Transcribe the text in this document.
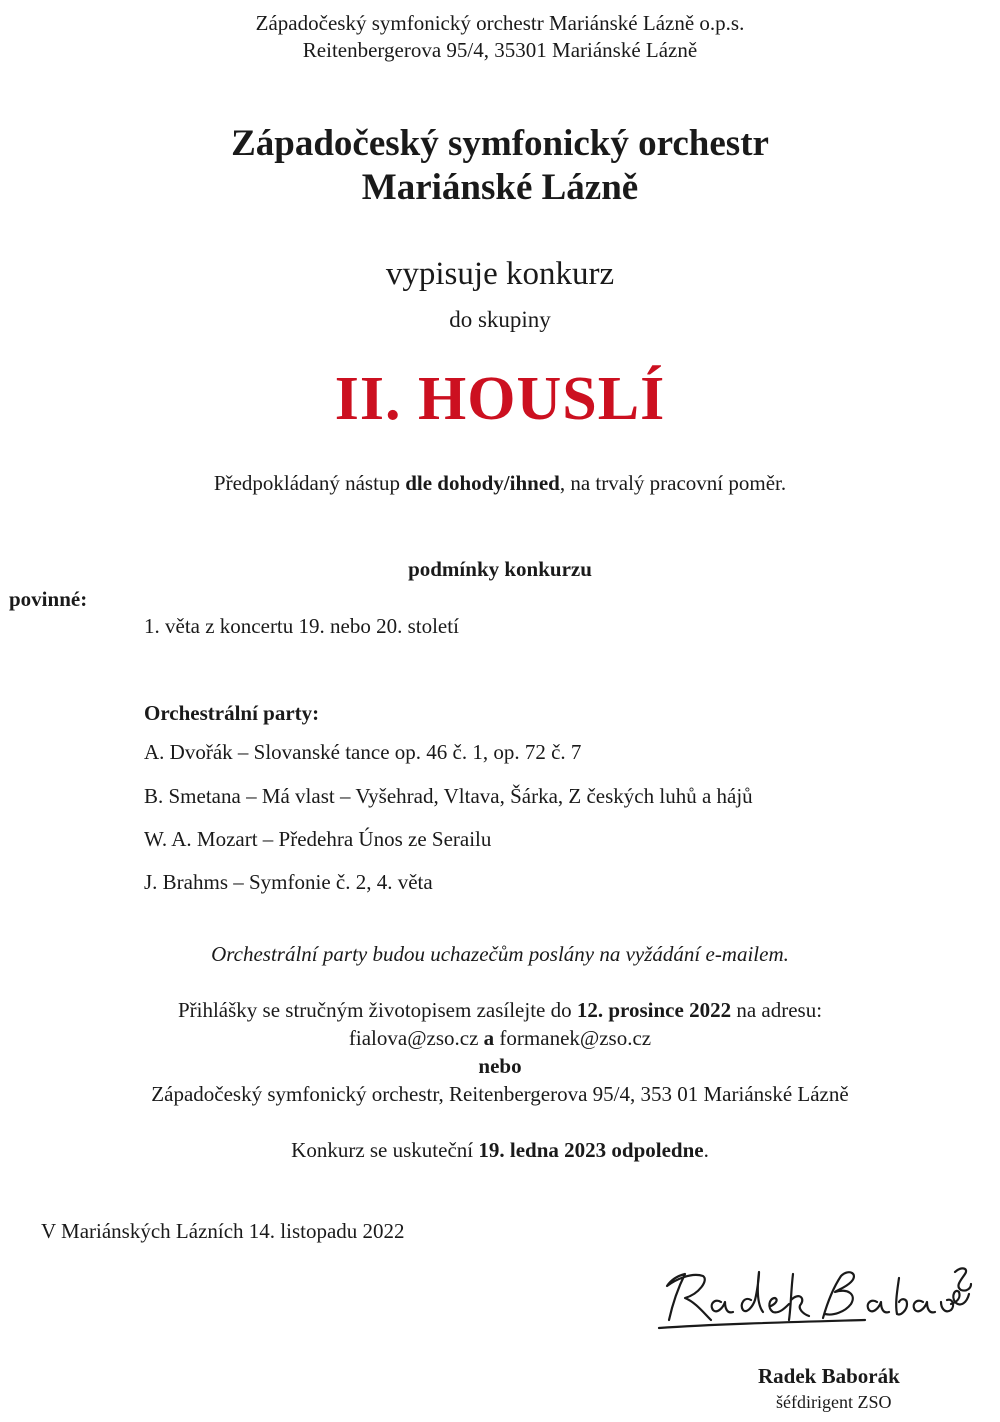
Západočeský symfonický orchestr Mariánské Lázně o.p.s.
Reitenbergerova 95/4, 35301 Mariánské Lázně
Západočeský symfonický orchestr
Mariánské Lázně
vypisuje konkurz
do skupiny
II. HOUSLÍ
Předpokládaný nástup dle dohody/ihned, na trvalý pracovní poměr.
podmínky konkurzu
povinné:
1. věta z koncertu 19. nebo 20. století
Orchestrální party:
A. Dvořák – Slovanské tance op. 46 č. 1, op. 72 č. 7
B. Smetana – Má vlast – Vyšehrad, Vltava, Šárka, Z českých luhů a hájů
W. A. Mozart – Předehra Únos ze Serailu
J. Brahms – Symfonie č. 2, 4. věta
Orchestrální party budou uchazečům poslány na vyžádání e-mailem.
Přihlášky se stručným životopisem zasílejte do 12. prosince 2022 na adresu:
fialova@zso.cz a formanek@zso.cz
nebo
Západočeský symfonický orchestr, Reitenbergerova 95/4, 353 01 Mariánské Lázně
Konkurz se uskuteční 19. ledna 2023 odpoledne.
V Mariánských Lázních 14. listopadu 2022
Radek Baborák
šéfdirigent ZSO
